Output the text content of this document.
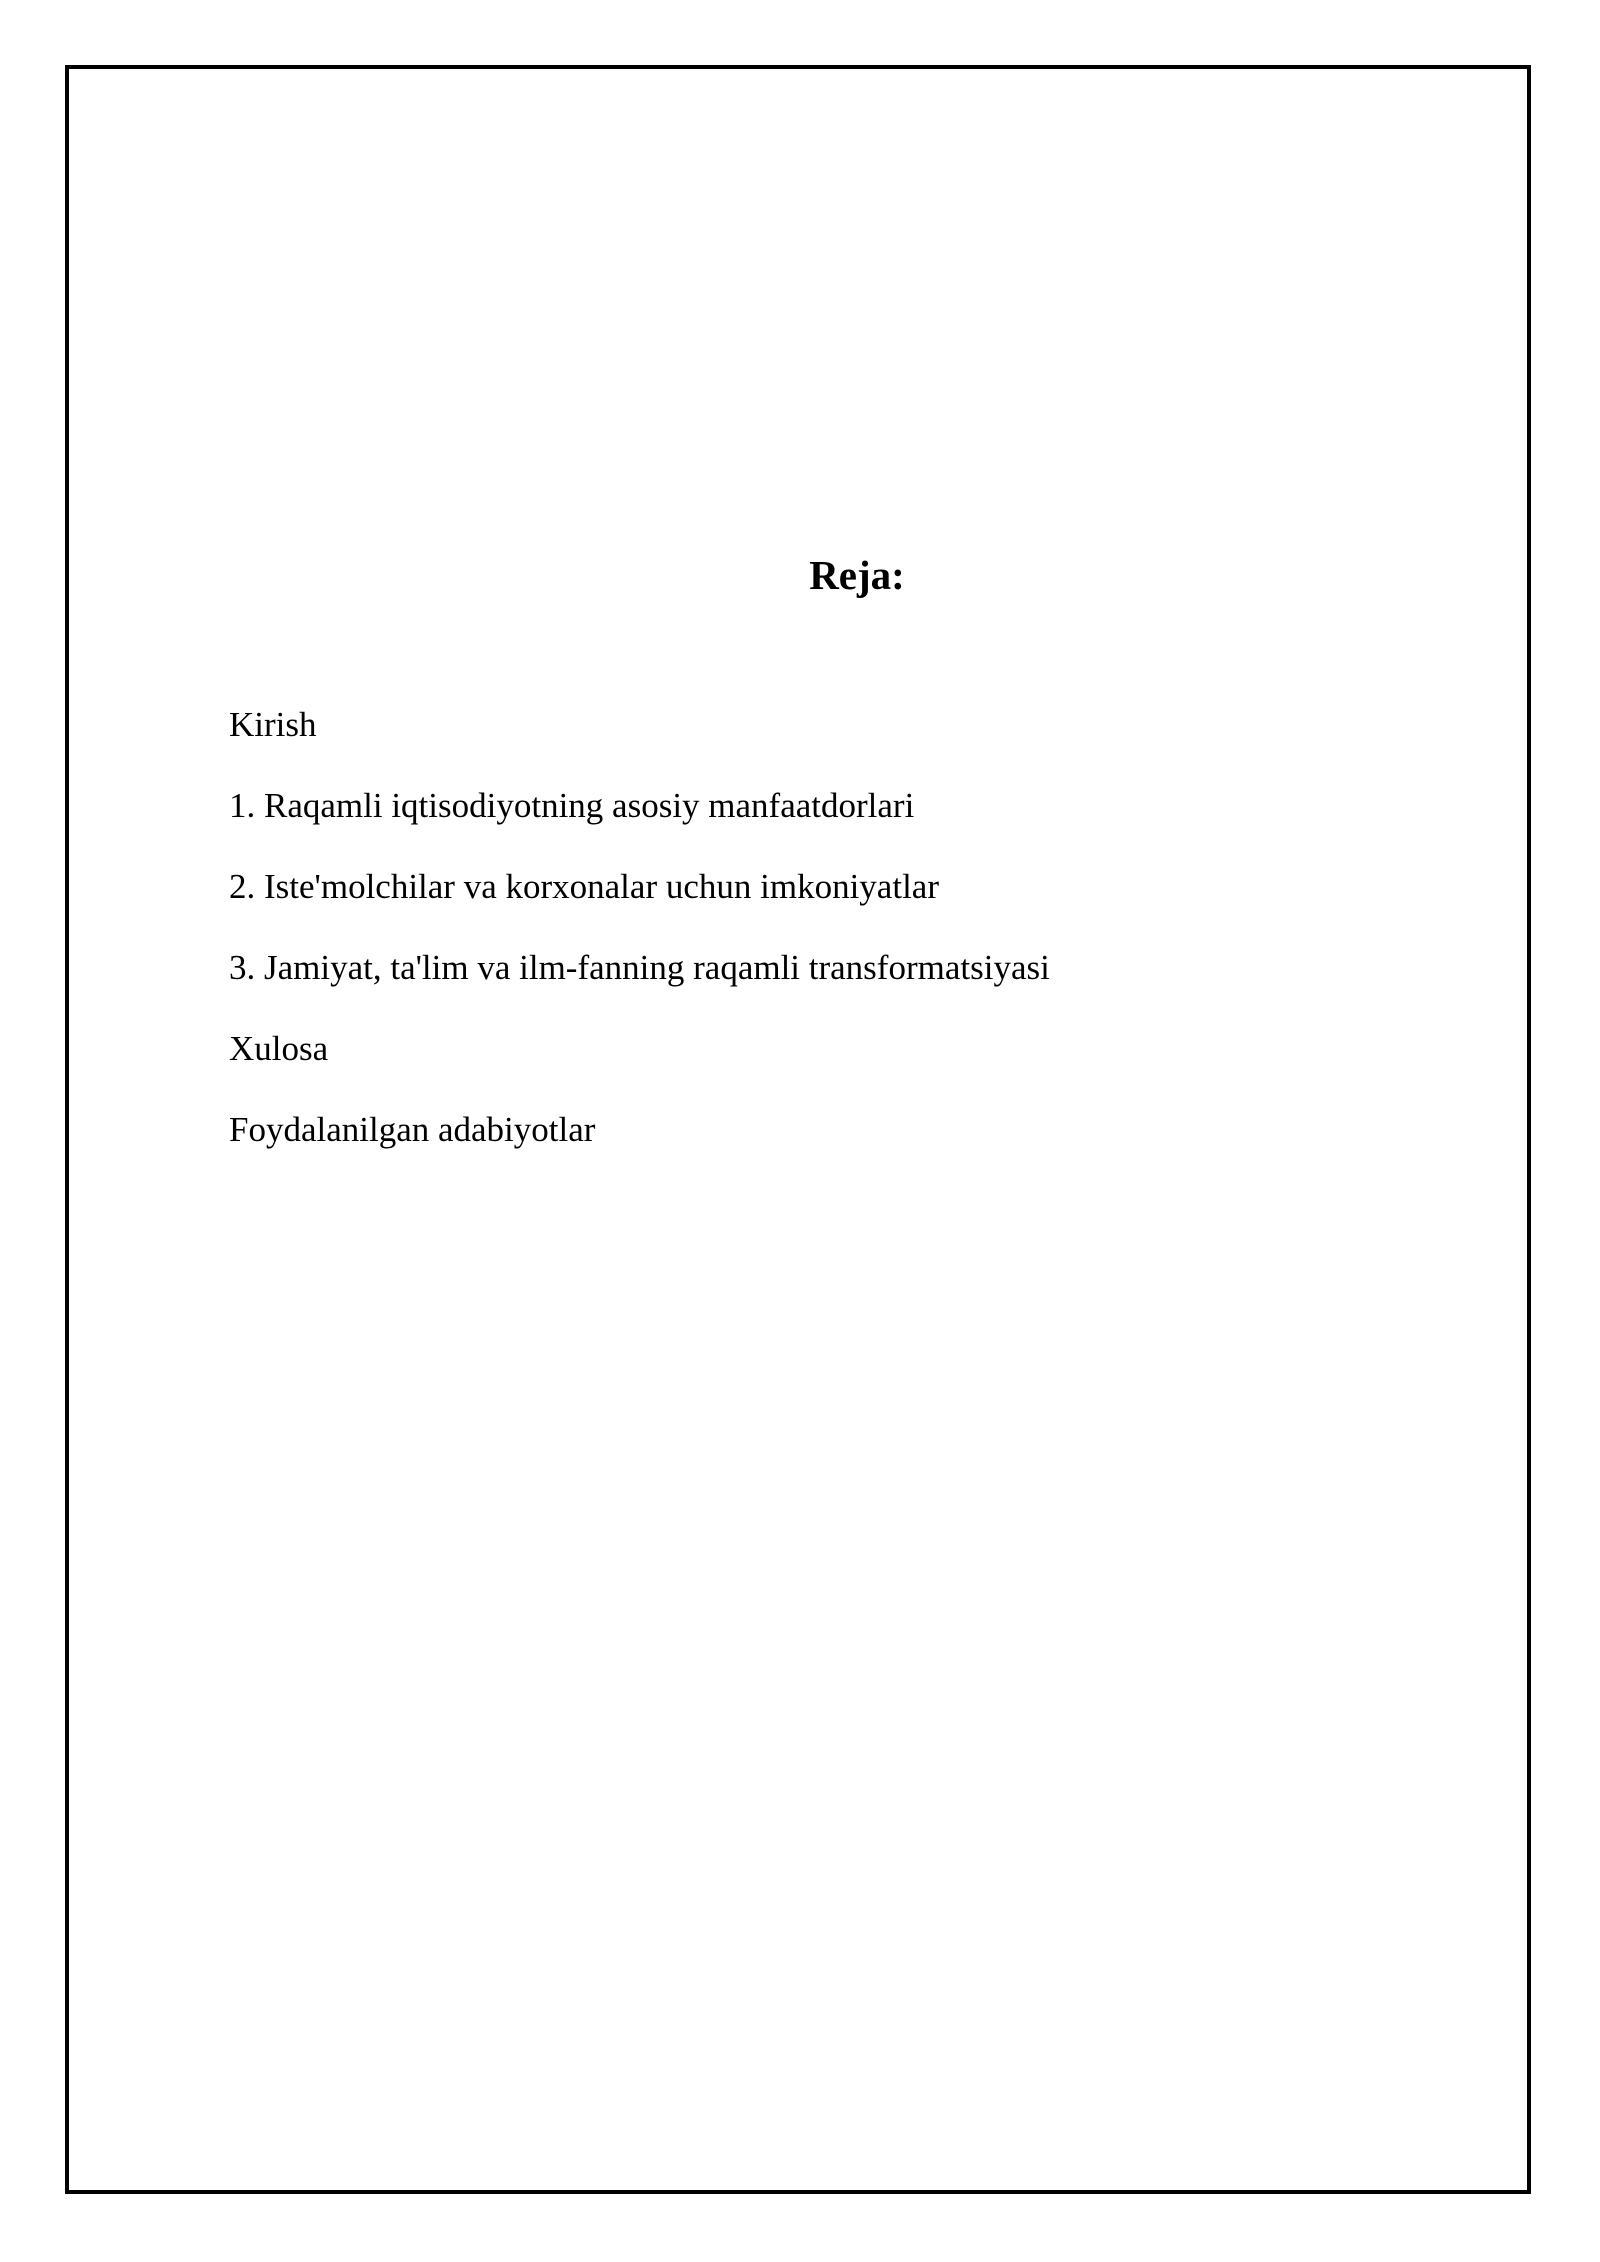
Reja:
Kirish
1. Raqamli iqtisodiyotning asosiy manfaatdorlari
2. Iste'molchilar va korxonalar uchun imkoniyatlar
3. Jamiyat, ta'lim va ilm-fanning raqamli transformatsiyasi
Xulosa
Foydalanilgan adabiyotlar
